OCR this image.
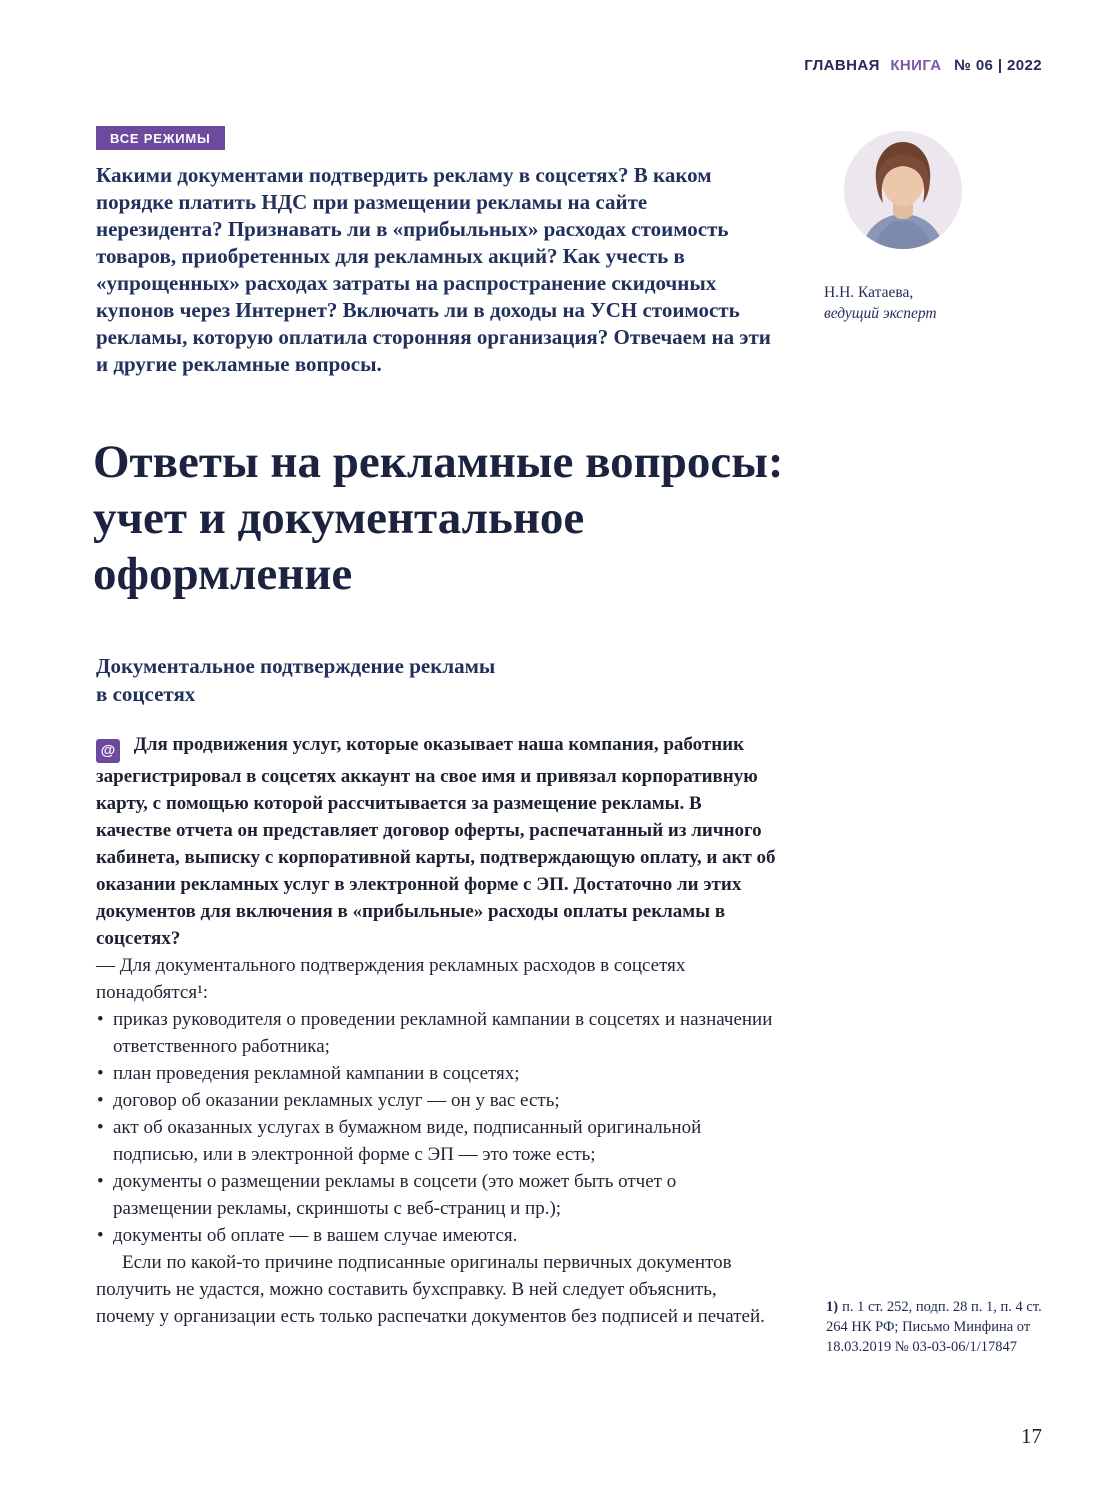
ГЛАВНАЯ КНИГА № 06 | 2022
ВСЕ РЕЖИМЫ

Какими документами подтвердить рекламу в соцсетях? В каком порядке платить НДС при размещении рекламы на сайте нерезидента? Признавать ли в «прибыльных» расходах стоимость товаров, приобретенных для рекламных акций? Как учесть в «упрощенных» расходах затраты на распространение скидочных купонов через Интернет? Включать ли в доходы на УСН стоимость рекламы, которую оплатила сторонняя организация? Отвечаем на эти и другие рекламные вопросы.

Н.Н. Катаева,
ведущий эксперт
Ответы на рекламные вопросы:
учет и документальное
оформление
Документальное подтверждение рекламы
в соцсетях

@ Для продвижения услуг, которые оказывает наша компания, работник зарегистрировал в соцсетях аккаунт на свое имя и привязал корпоративную карту, с помощью которой рассчитывается за размещение рекламы. В качестве отчета он представляет договор оферты, распечатанный из личного кабинета, выписку с корпоративной карты, подтверждающую оплату, и акт об оказании рекламных услуг в электронной форме с ЭП. Достаточно ли этих документов для включения в «прибыльные» расходы оплаты рекламы в соцсетях?

— Для документального подтверждения рекламных расходов в соцсетях понадобятся¹:

• приказ руководителя о проведении рекламной кампании в соцсетях и назначении ответственного работника;
• план проведения рекламной кампании в соцсетях;
• договор об оказании рекламных услуг — он у вас есть;
• акт об оказанных услугах в бумажном виде, подписанный оригинальной подписью, или в электронной форме с ЭП — это тоже есть;
• документы о размещении рекламы в соцсети (это может быть отчет о размещении рекламы, скриншоты с веб-страниц и пр.);
• документы об оплате — в вашем случае имеются.

Если по какой-то причине подписанные оригиналы первичных документов получить не удастся, можно составить бухсправку. В ней следует объяснить, почему у организации есть только распечатки документов без подписей и печатей.	1) п. 1 ст. 252, подп. 28 п. 1, п. 4 ст. 264 НК РФ; Письмо Минфина от 18.03.2019 № 03-03-06/1/17847
17
